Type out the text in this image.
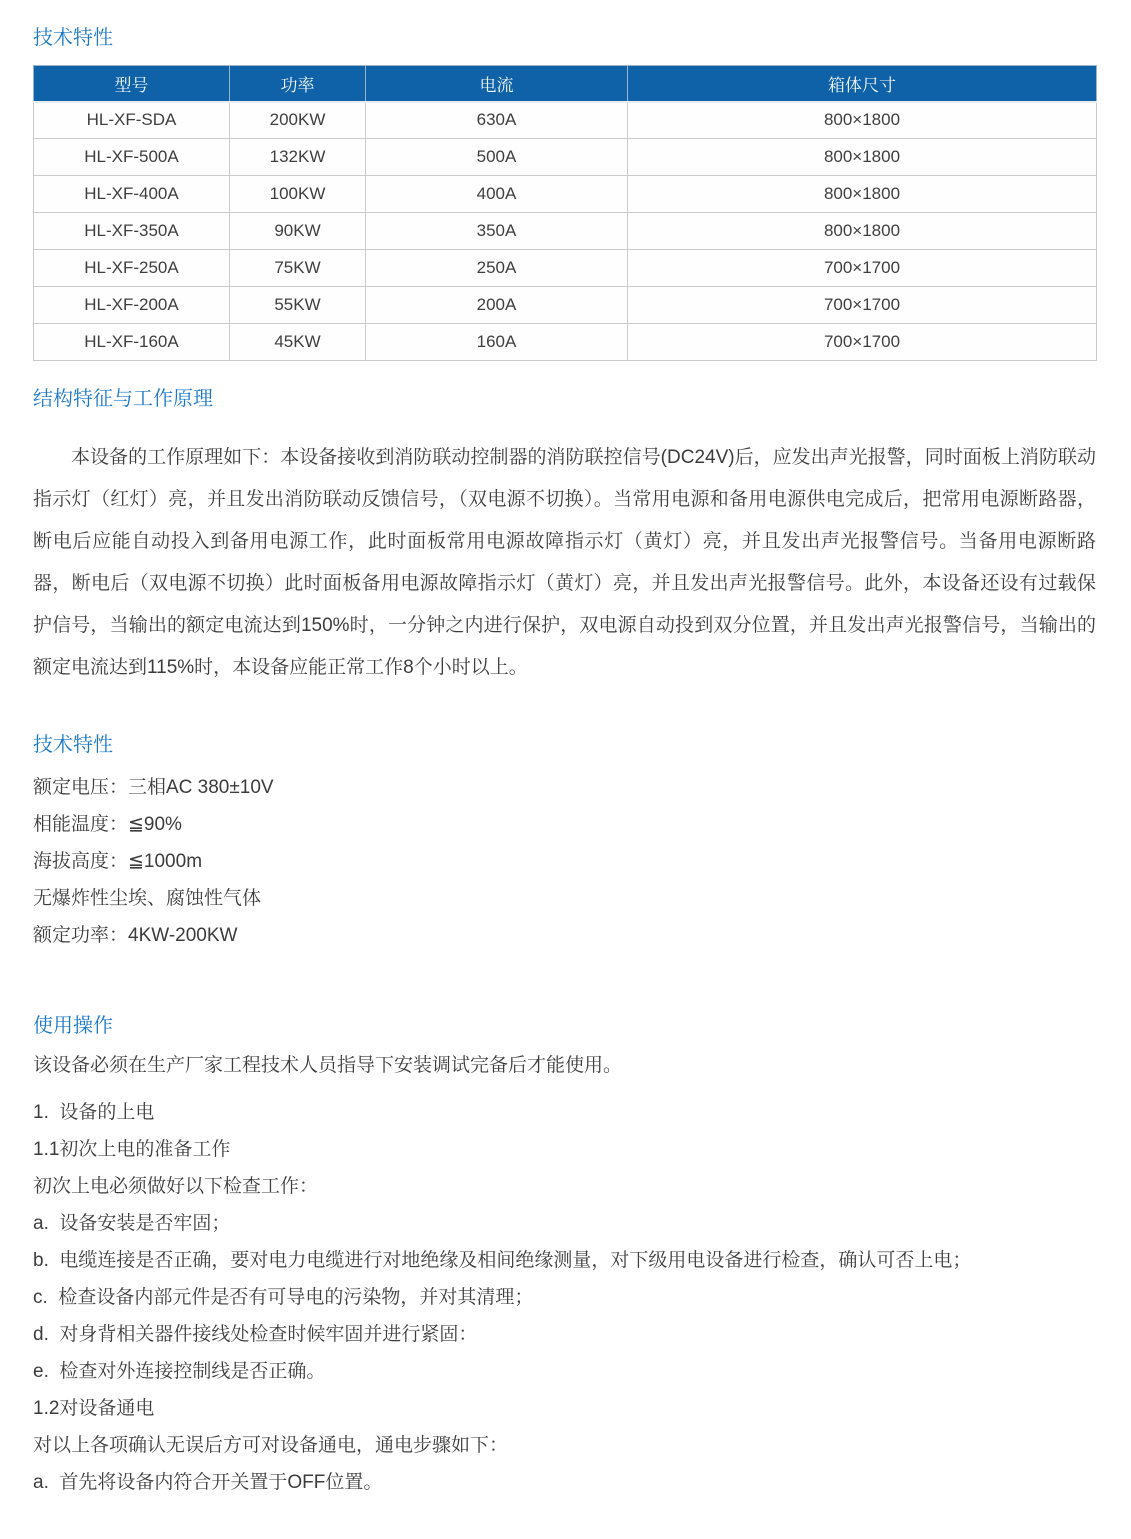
技术特性
型号	功率	电流	箱体尺寸
HL-XF-SDA	200KW	630A	800×1800
HL-XF-500A	132KW	500A	800×1800
HL-XF-400A	100KW	400A	800×1800
HL-XF-350A	90KW	350A	800×1800
HL-XF-250A	75KW	250A	700×1700
HL-XF-200A	55KW	200A	700×1700
HL-XF-160A	45KW	160A	700×1700
结构特征与工作原理

本设备的工作原理如下：本设备接收到消防联动控制器的消防联控信号(DC24V)后，应发出声光报警，同时面板上消防联动指示灯（红灯）亮，并且发出消防联动反馈信号，（双电源不切换）。当常用电源和备用电源供电完成后，把常用电源断路器，断电后应能自动投入到备用电源工作，此时面板常用电源故障指示灯（黄灯）亮，并且发出声光报警信号。当备用电源断路器，断电后（双电源不切换）此时面板备用电源故障指示灯（黄灯）亮，并且发出声光报警信号。此外，本设备还设有过载保护信号，当输出的额定电流达到150%时，一分钟之内进行保护，双电源自动投到双分位置，并且发出声光报警信号，当输出的额定电流达到115%时，本设备应能正常工作8个小时以上。

技术特性
额定电压：三相AC 380±10V
相能温度：≦90%
海拔高度：≦1000m
无爆炸性尘埃、腐蚀性气体
额定功率：4KW-200KW
使用操作

该设备必须在生产厂家工程技术人员指导下安装调试完备后才能使用。

1.  设备的上电
1.1初次上电的准备工作
初次上电必须做好以下检查工作：
a.  设备安装是否牢固；
b.  电缆连接是否正确，要对电力电缆进行对地绝缘及相间绝缘测量，对下级用电设备进行检查，确认可否上电；
c.  检查设备内部元件是否有可导电的污染物，并对其清理；
d.  对身背相关器件接线处检查时候牢固并进行紧固：
e.  检查对外连接控制线是否正确。
1.2对设备通电
对以上各项确认无误后方可对设备通电，通电步骤如下：
a.  首先将设备内符合开关置于OFF位置。
